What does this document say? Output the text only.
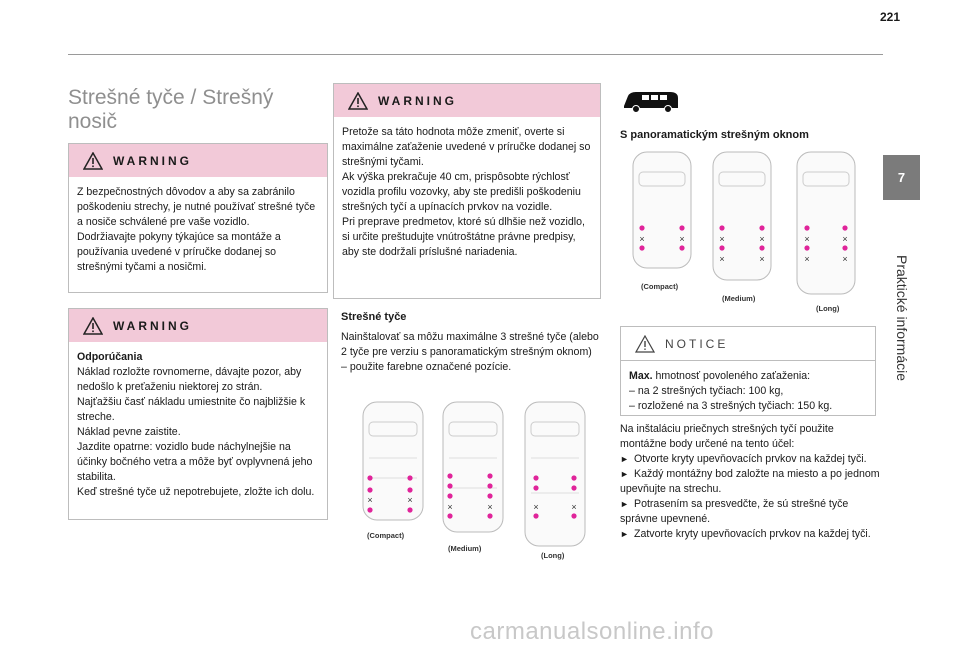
221
7
Praktické informácie
Strešné tyče / Strešný nosič
WARNING

Z bezpečnostných dôvodov a aby sa zabránilo poškodeniu strechy, je nutné používať strešné tyče a nosiče schválené pre vaše vozidlo.

Dodržiavajte pokyny týkajúce sa montáže a používania uvedené v príručke dodanej so strešnými tyčami a nosičmi.

WARNING

Odporúčania

Náklad rozložte rovnomerne, dávajte pozor, aby nedošlo k preťaženiu niektorej zo strán.

Najťažšiu časť nákladu umiestnite čo najbližšie k streche.

Náklad pevne zaistite.

Jazdite opatrne: vozidlo bude náchylnejšie na účinky bočného vetra a môže byť ovplyvnená jeho stabilita.

Keď strešné tyče už nepotrebujete, zložte ich dolu.

WARNING

Pretože sa táto hodnota môže zmeniť, overte si maximálne zaťaženie uvedené v príručke dodanej so strešnými tyčami.

Ak výška prekračuje 40 cm, prispôsobte rýchlosť vozidla profilu vozovky, aby ste predišli poškodeniu strešných tyčí a upínacích prvkov na vozidle.

Pri preprave predmetov, ktoré sú dlhšie než vozidlo, si určite preštudujte vnútroštátne právne predpisy, aby ste dodržali príslušné nariadenia.

Strešné tyče
Nainštalovať sa môžu maximálne 3 strešné tyče (alebo 2 tyče pre verziu s panoramatickým strešným oknom) – použite farebne označené pozície.
×	×
×	×	×	×
(Compact)
(Medium)
(Long)
S panoramatickým strešným oknom
×	×	×	×
×	×
×	×
×	×
(Compact)
(Medium)
(Long)
NOTICE

Max. hmotnosť povoleného zaťaženia:

– na 2 strešných tyčiach: 100 kg,

– rozložené na 3 strešných tyčiach: 150 kg.

Na inštaláciu priečnych strešných tyčí použite montážne body určené na tento účel:

► Otvorte kryty upevňovacích prvkov na každej tyči.

► Každý montážny bod založte na miesto a po jednom upevňujte na strechu.

► Potrasením sa presvedčte, že sú strešné tyče správne upevnené.

► Zatvorte kryty upevňovacích prvkov na každej tyči.

carmanualsonline.info
